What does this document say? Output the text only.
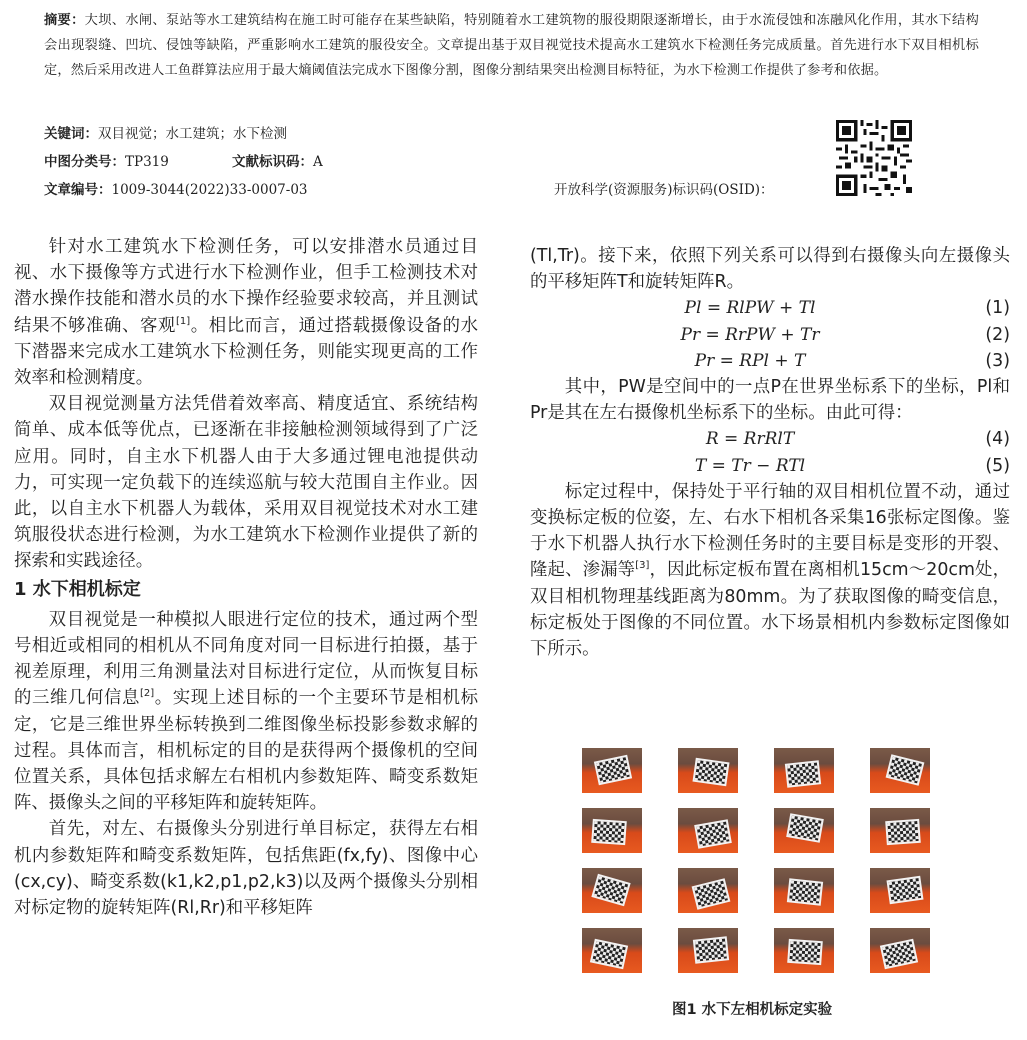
摘要：大坝、水闸、泵站等水工建筑结构在施工时可能存在某些缺陷，特别随着水工建筑物的服役期限逐渐增长，由于水流侵蚀和冻融风化作用，其水下结构会出现裂缝、凹坑、侵蚀等缺陷，严重影响水工建筑的服役安全。文章提出基于双目视觉技术提高水工建筑水下检测任务完成质量。首先进行水下双目相机标定，然后采用改进人工鱼群算法应用于最大熵阈值法完成水下图像分割，图像分割结果突出检测目标特征，为水下检测工作提供了参考和依据。
关键词：双目视觉；水工建筑；水下检测
中图分类号：TP319	文献标识码：A
文章编号：1009-3044(2022)33-0007-03	开放科学(资源服务)标识码(OSID)：

针对水工建筑水下检测任务，可以安排潜水员通过目视、水下摄像等方式进行水下检测作业，但手工检测技术对潜水操作技能和潜水员的水下操作经验要求较高，并且测试结果不够准确、客观[1]。相比而言，通过搭载摄像设备的水下潜器来完成水工建筑水下检测任务，则能实现更高的工作效率和检测精度。

双目视觉测量方法凭借着效率高、精度适宜、系统结构简单、成本低等优点，已逐渐在非接触检测领域得到了广泛应用。同时，自主水下机器人由于大多通过锂电池提供动力，可实现一定负载下的连续巡航与较大范围自主作业。因此，以自主水下机器人为载体，采用双目视觉技术对水工建筑服役状态进行检测，为水工建筑水下检测作业提供了新的探索和实践途径。

1 水下相机标定

双目视觉是一种模拟人眼进行定位的技术，通过两个型号相近或相同的相机从不同角度对同一目标进行拍摄，基于视差原理，利用三角测量法对目标进行定位，从而恢复目标的三维几何信息[2]。实现上述目标的一个主要环节是相机标定，它是三维世界坐标转换到二维图像坐标投影参数求解的过程。具体而言，相机标定的目的是获得两个摄像机的空间位置关系，具体包括求解左右相机内参数矩阵、畸变系数矩阵、摄像头之间的平移矩阵和旋转矩阵。

首先，对左、右摄像头分别进行单目标定，获得左右相机内参数矩阵和畸变系数矩阵，包括焦距(fx,fy)、图像中心(cx,cy)、畸变系数(k1,k2,p1,p2,k3)以及两个摄像头分别相对标定物的旋转矩阵(Rl,Rr)和平移矩阵

(Tl,Tr)。接下来，依照下列关系可以得到右摄像头向左摄像头的平移矩阵T和旋转矩阵R。

Pl = RlPW + Tl	(1)
Pr = RrPW + Tr	(2)
Pr = RPl + T	(3)

其中，PW是空间中的一点P在世界坐标系下的坐标，Pl和Pr是其在左右摄像机坐标系下的坐标。由此可得：

R = RrRlT	(4)
T = Tr − RTl	(5)

标定过程中，保持处于平行轴的双目相机位置不动，通过变换标定板的位姿，左、右水下相机各采集16张标定图像。鉴于水下机器人执行水下检测任务时的主要目标是变形的开裂、隆起、渗漏等[3]，因此标定板布置在离相机15cm～20cm处，双目相机物理基线距离为80mm。为了获取图像的畸变信息，标定板处于图像的不同位置。水下场景相机内参数标定图像如下所示。

图1 水下左相机标定实验
